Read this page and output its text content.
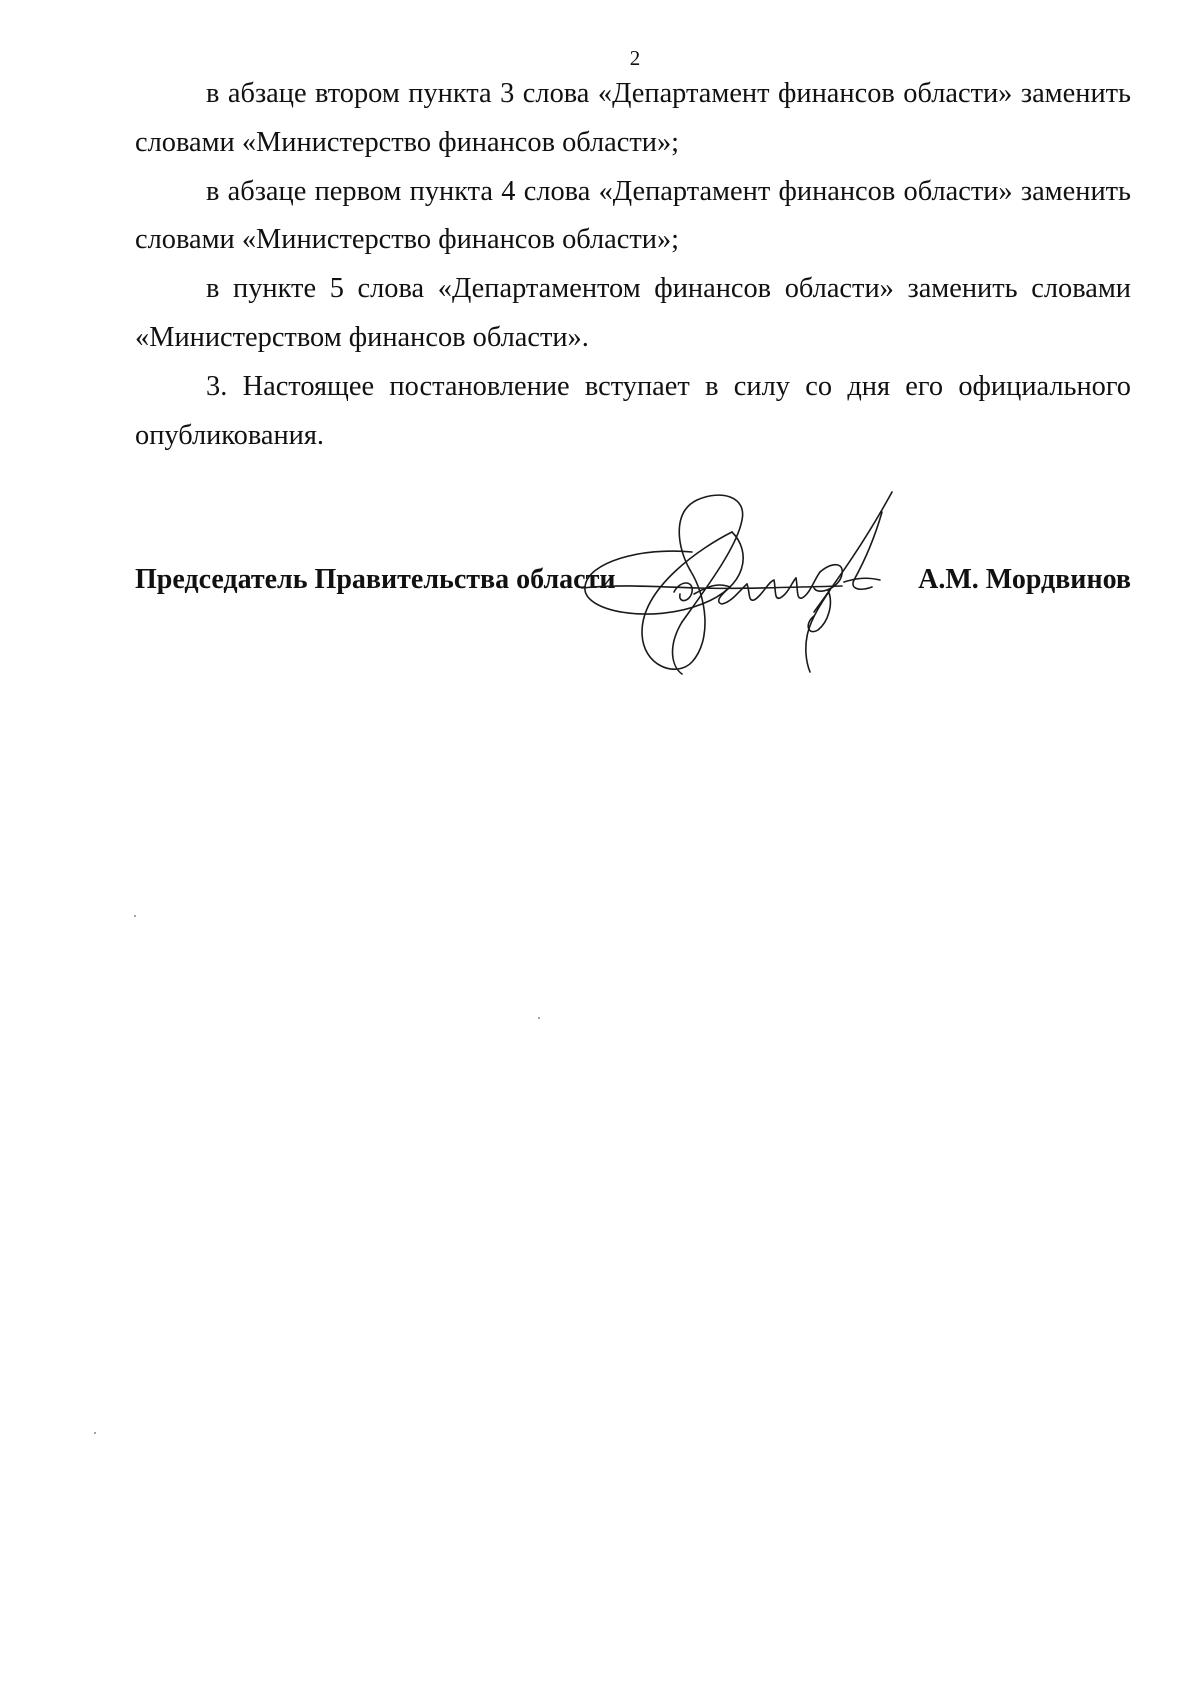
2

в абзаце втором пункта 3 слова «Департамент финансов области» заменить словами «Министерство финансов области»;

в абзаце первом пункта 4 слова «Департамент финансов области» заменить словами «Министерство финансов области»;

в пункте 5 слова «Департаментом финансов области» заменить словами «Министерством финансов области».

3. Настоящее постановление вступает в силу со дня его официального опубликования.

Председатель Правительства области	А.М. Мордвинов
